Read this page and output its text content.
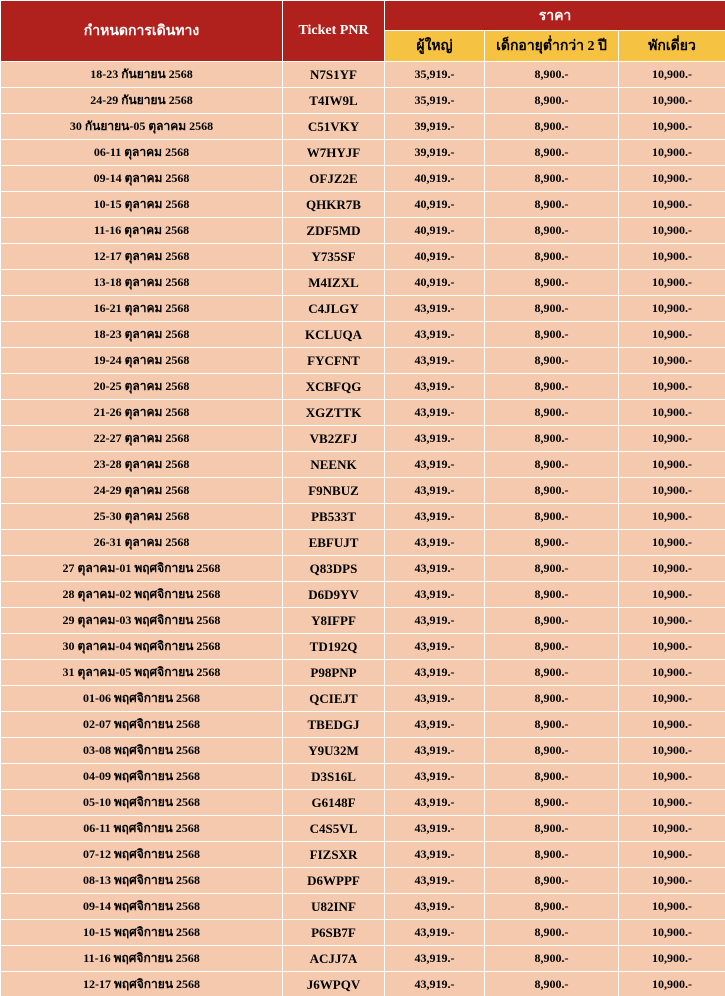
กำหนดการเดินทาง	Ticket PNR	ราคา		
		ผู้ใหญ่	เด็กอายุต่ำกว่า 2 ปี	พักเดี่ยว
18-23 กันยายน 2568	N7S1YF	35,919.-	8,900.-	10,900.-
24-29 กันยายน 2568	T4IW9L	35,919.-	8,900.-	10,900.-
30 กันยายน-05 ตุลาคม 2568	C51VKY	39,919.-	8,900.-	10,900.-
06-11 ตุลาคม 2568	W7HYJF	39,919.-	8,900.-	10,900.-
09-14 ตุลาคม 2568	OFJZ2E	40,919.-	8,900.-	10,900.-
10-15 ตุลาคม 2568	QHKR7B	40,919.-	8,900.-	10,900.-
11-16 ตุลาคม 2568	ZDF5MD	40,919.-	8,900.-	10,900.-
12-17 ตุลาคม 2568	Y735SF	40,919.-	8,900.-	10,900.-
13-18 ตุลาคม 2568	M4IZXL	40,919.-	8,900.-	10,900.-
16-21 ตุลาคม 2568	C4JLGY	43,919.-	8,900.-	10,900.-
18-23 ตุลาคม 2568	KCLUQA	43,919.-	8,900.-	10,900.-
19-24 ตุลาคม 2568	FYCFNT	43,919.-	8,900.-	10,900.-
20-25 ตุลาคม 2568	XCBFQG	43,919.-	8,900.-	10,900.-
21-26 ตุลาคม 2568	XGZTTK	43,919.-	8,900.-	10,900.-
22-27 ตุลาคม 2568	VB2ZFJ	43,919.-	8,900.-	10,900.-
23-28 ตุลาคม 2568	NEENK	43,919.-	8,900.-	10,900.-
24-29 ตุลาคม 2568	F9NBUZ	43,919.-	8,900.-	10,900.-
25-30 ตุลาคม 2568	PB533T	43,919.-	8,900.-	10,900.-
26-31 ตุลาคม 2568	EBFUJT	43,919.-	8,900.-	10,900.-
27 ตุลาคม-01 พฤศจิกายน 2568	Q83DPS	43,919.-	8,900.-	10,900.-
28 ตุลาคม-02 พฤศจิกายน 2568	D6D9YV	43,919.-	8,900.-	10,900.-
29 ตุลาคม-03 พฤศจิกายน 2568	Y8IFPF	43,919.-	8,900.-	10,900.-
30 ตุลาคม-04 พฤศจิกายน 2568	TD192Q	43,919.-	8,900.-	10,900.-
31 ตุลาคม-05 พฤศจิกายน 2568	P98PNP	43,919.-	8,900.-	10,900.-
01-06 พฤศจิกายน 2568	QCIEJT	43,919.-	8,900.-	10,900.-
02-07 พฤศจิกายน 2568	TBEDGJ	43,919.-	8,900.-	10,900.-
03-08 พฤศจิกายน 2568	Y9U32M	43,919.-	8,900.-	10,900.-
04-09 พฤศจิกายน 2568	D3S16L	43,919.-	8,900.-	10,900.-
05-10 พฤศจิกายน 2568	G6148F	43,919.-	8,900.-	10,900.-
06-11 พฤศจิกายน 2568	C4S5VL	43,919.-	8,900.-	10,900.-
07-12 พฤศจิกายน 2568	FIZSXR	43,919.-	8,900.-	10,900.-
08-13 พฤศจิกายน 2568	D6WPPF	43,919.-	8,900.-	10,900.-
09-14 พฤศจิกายน 2568	U82INF	43,919.-	8,900.-	10,900.-
10-15 พฤศจิกายน 2568	P6SB7F	43,919.-	8,900.-	10,900.-
11-16 พฤศจิกายน 2568	ACJJ7A	43,919.-	8,900.-	10,900.-
12-17 พฤศจิกายน 2568	J6WPQV	43,919.-	8,900.-	10,900.-
